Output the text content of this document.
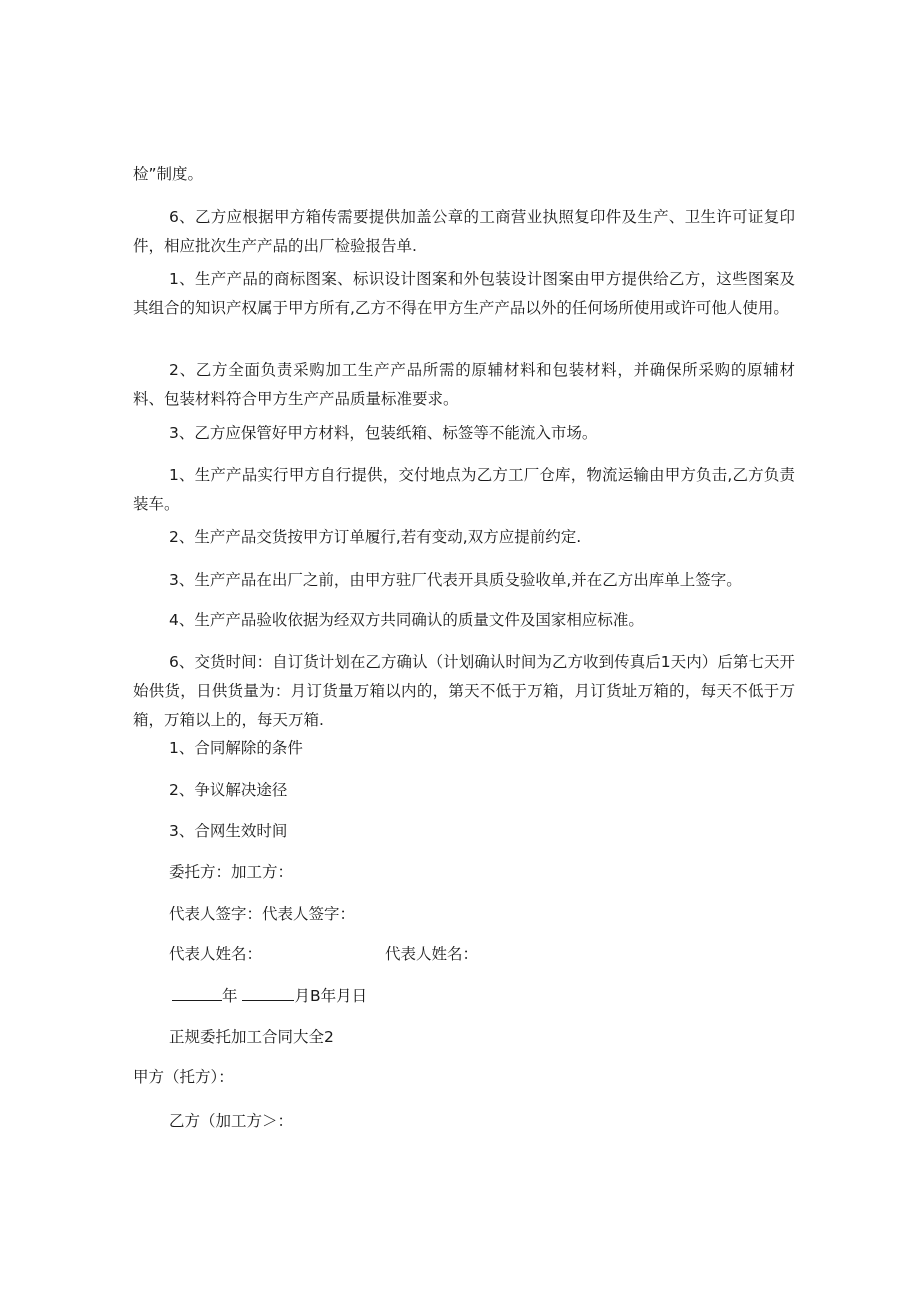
检”制度。

6、乙方应根据甲方箱传需要提供加盖公章的工商营业执照复印件及生产、卫生许可证复印件，相应批次生产产品的出厂检验报告单.

1、生产产品的商标图案、标识设计图案和外包装设计图案由甲方提供给乙方，这些图案及其组合的知识产权属于甲方所有,乙方不得在甲方生产产品以外的任何场所使用或许可他人使用。

2、乙方全面负责采购加工生产产品所需的原辅材料和包装材料，并确保所采购的原辅材料、包装材料符合甲方生产产品质量标准要求。

3、乙方应保管好甲方材料，包装纸箱、标签等不能流入市场。

1、生产产品实行甲方自行提供，交付地点为乙方工厂仓库，物流运输由甲方负击,乙方负责装车。

2、生产产品交货按甲方订单履行,若有变动,双方应提前约定.

3、生产产品在出厂之前，由甲方驻厂代表开具质殳验收单,并在乙方出库单上签字。

4、生产产品验收依据为经双方共同确认的质量文件及国家相应标准。

6、交货时间：自订货计划在乙方确认（计划确认时间为乙方收到传真后1天内）后第七天开始供货，日供货量为：月订货量万箱以内的，第天不低于万箱，月订货址万箱的，每天不低于万箱，万箱以上的，每天万箱.

1、合同解除的条件

2、争议解决途径

3、合网生效时间

委托方：加工方：

代表人签字：代表人签字：

代表人姓名：	代表人姓名：
年	月B年月日
正规委托加工合同大全2
甲方（托方）：
乙方（加工方＞：
